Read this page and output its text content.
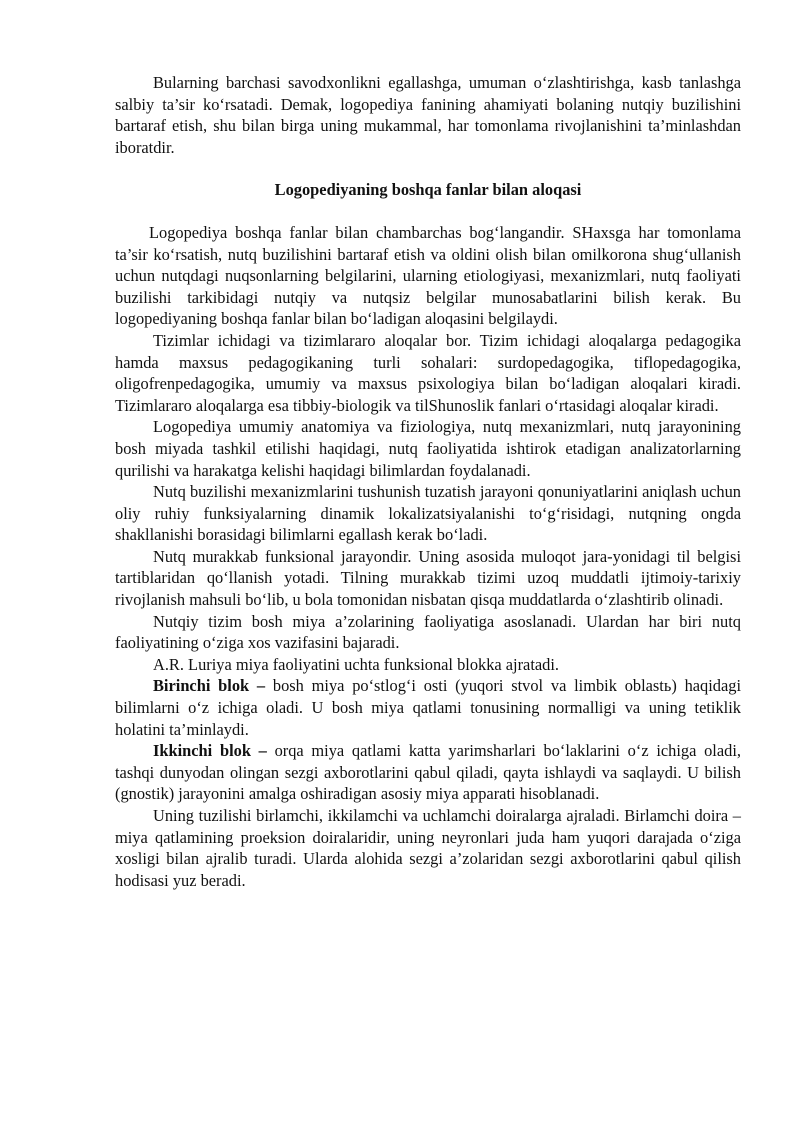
Bularning barchasi savodxonlikni egallashga, umuman o‘zlashtirishga, kasb tanlashga salbiy ta’sir ko‘rsatadi. Demak, logopediya fanining ahamiyati bolaning nutqiy buzilishini bartaraf etish, shu bilan birga uning mukammal, har tomonlama rivojlanishini ta’minlashdan iboratdir.

Logopediyaning boshqa fanlar bilan aloqasi

Logopediya boshqa fanlar bilan chambarchas bog‘langandir. SHaxsga har tomonlama ta’sir ko‘rsatish, nutq buzilishini bartaraf etish va oldini olish bilan omilkorona shug‘ullanish uchun nutqdagi nuqsonlarning belgilarini, ularning etiologiyasi, mexanizmlari, nutq faoliyati buzilishi tarkibidagi nutqiy va nutqsiz belgilar munosabatlarini bilish kerak. Bu logopediyaning boshqa fanlar bilan bo‘ladigan aloqasini belgilaydi.

Tizimlar ichidagi va tizimlararo aloqalar bor. Tizim ichidagi aloqalarga pedagogika hamda maxsus pedagogikaning turli sohalari: surdopedagogika, tiflopedagogika, oligofrenpedagogika, umumiy va maxsus psixologiya bilan bo‘ladigan aloqalari kiradi. Tizimlararo aloqalarga esa tibbiy-biologik va tilShunoslik fanlari o‘rtasidagi aloqalar kiradi.

Logopediya umumiy anatomiya va fiziologiya, nutq mexanizmlari, nutq jarayonining bosh miyada tashkil etilishi haqidagi, nutq faoliyatida ishtirok etadigan analizatorlarning qurilishi va harakatga kelishi haqidagi bilimlardan foydalanadi.

Nutq buzilishi mexanizmlarini tushunish tuzatish jarayoni qonuniyatlarini aniqlash uchun oliy ruhiy funksiyalarning dinamik lokalizatsiyalanishi to‘g‘risidagi, nutqning ongda shakllanishi borasidagi bilimlarni egallash kerak bo‘ladi.

Nutq murakkab funksional jarayondir. Uning asosida muloqot jara-yonidagi til belgisi tartiblaridan qo‘llanish yotadi. Tilning murakkab tizimi uzoq muddatli ijtimoiy-tarixiy rivojlanish mahsuli bo‘lib, u bola tomonidan nisbatan qisqa muddatlarda o‘zlashtirib olinadi.

Nutqiy tizim bosh miya a’zolarining faoliyatiga asoslanadi. Ulardan har biri nutq faoliyatining o‘ziga xos vazifasini bajaradi.

A.R. Luriya miya faoliyatini uchta funksional blokka ajratadi.

Birinchi blok – bosh miya po‘stlog‘i osti (yuqori stvol va limbik oblastь) haqidagi bilimlarni o‘z ichiga oladi. U bosh miya qatlami tonusining normalligi va uning tetiklik holatini ta’minlaydi.

Ikkinchi blok – orqa miya qatlami katta yarimsharlari bo‘laklarini o‘z ichiga oladi, tashqi dunyodan olingan sezgi axborotlarini qabul qiladi, qayta ishlaydi va saqlaydi. U bilish (gnostik) jarayonini amalga oshiradigan asosiy miya apparati hisoblanadi.

Uning tuzilishi birlamchi, ikkilamchi va uchlamchi doiralarga ajraladi. Birlamchi doira – miya qatlamining proeksion doiralaridir, uning neyronlari juda ham yuqori darajada o‘ziga xosligi bilan ajralib turadi. Ularda alohida sezgi a’zolaridan sezgi axborotlarini qabul qilish hodisasi yuz beradi.
